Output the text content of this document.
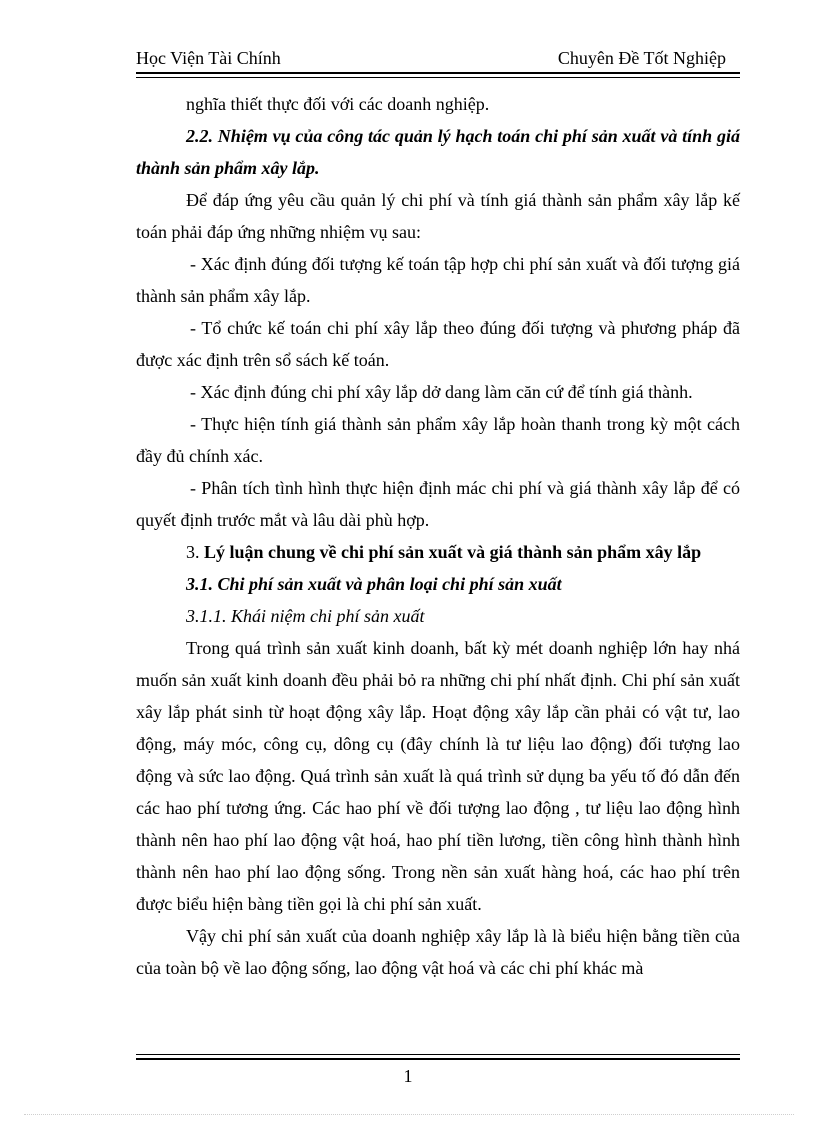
Học Viện Tài Chính	Chuyên Đề Tốt Nghiệp

nghĩa thiết thực đối với các doanh nghiệp.

2.2. Nhiệm vụ của công tác quản lý hạch toán chi phí sản xuất và tính giá thành sản phẩm xây lắp.

Để đáp ứng yêu cầu quản lý chi phí và tính giá thành sản phẩm xây lắp kế toán phải đáp ứng những nhiệm vụ sau:

- Xác định đúng đối tượng kế toán tập hợp chi phí sản xuất và đối tượng giá thành sản phẩm xây lắp.

- Tổ chức kế toán chi phí xây lắp theo đúng đối tượng và phương pháp đã được xác định trên sổ sách kế toán.

- Xác định đúng chi phí xây lắp dở dang làm căn cứ để tính giá thành.

- Thực hiện tính giá thành sản phẩm xây lắp hoàn thanh trong kỳ một cách đầy đủ chính xác.

- Phân tích tình hình thực hiện định mác chi phí và giá thành xây lắp để có quyết định trước mắt và lâu dài phù hợp.

3. Lý luận chung về chi phí sản xuất và giá thành sản phẩm xây lắp

3.1. Chi phí sản xuất và phân loại chi phí sản xuất

3.1.1. Khái niệm chi phí sản xuất

Trong quá trình sản xuất kinh doanh, bất kỳ mét doanh nghiệp lớn hay nhá muốn sản xuất kinh doanh đều phải bỏ ra những chi phí nhất định. Chi phí sản xuất xây lắp phát sinh từ hoạt động xây lắp. Hoạt động xây lắp cần phải có vật tư, lao động, máy móc, công cụ, dông cụ (đây chính là tư liệu lao động) đối tượng lao động và sức lao động. Quá trình sản xuất là quá trình sử dụng ba yếu tố đó dẫn đến các hao phí tương ứng. Các hao phí về đối tượng lao động , tư liệu lao động hình thành nên hao phí lao động vật hoá, hao phí tiền lương, tiền công hình thành hình thành nên hao phí lao động sống. Trong nền sản xuất hàng hoá, các hao phí trên được biểu hiện bàng tiền gọi là chi phí sản xuất.

Vậy chi phí sản xuất của doanh nghiệp xây lắp là là biểu hiện bằng tiền của của toàn bộ về lao động sống, lao động vật hoá và các chi phí khác mà

1
